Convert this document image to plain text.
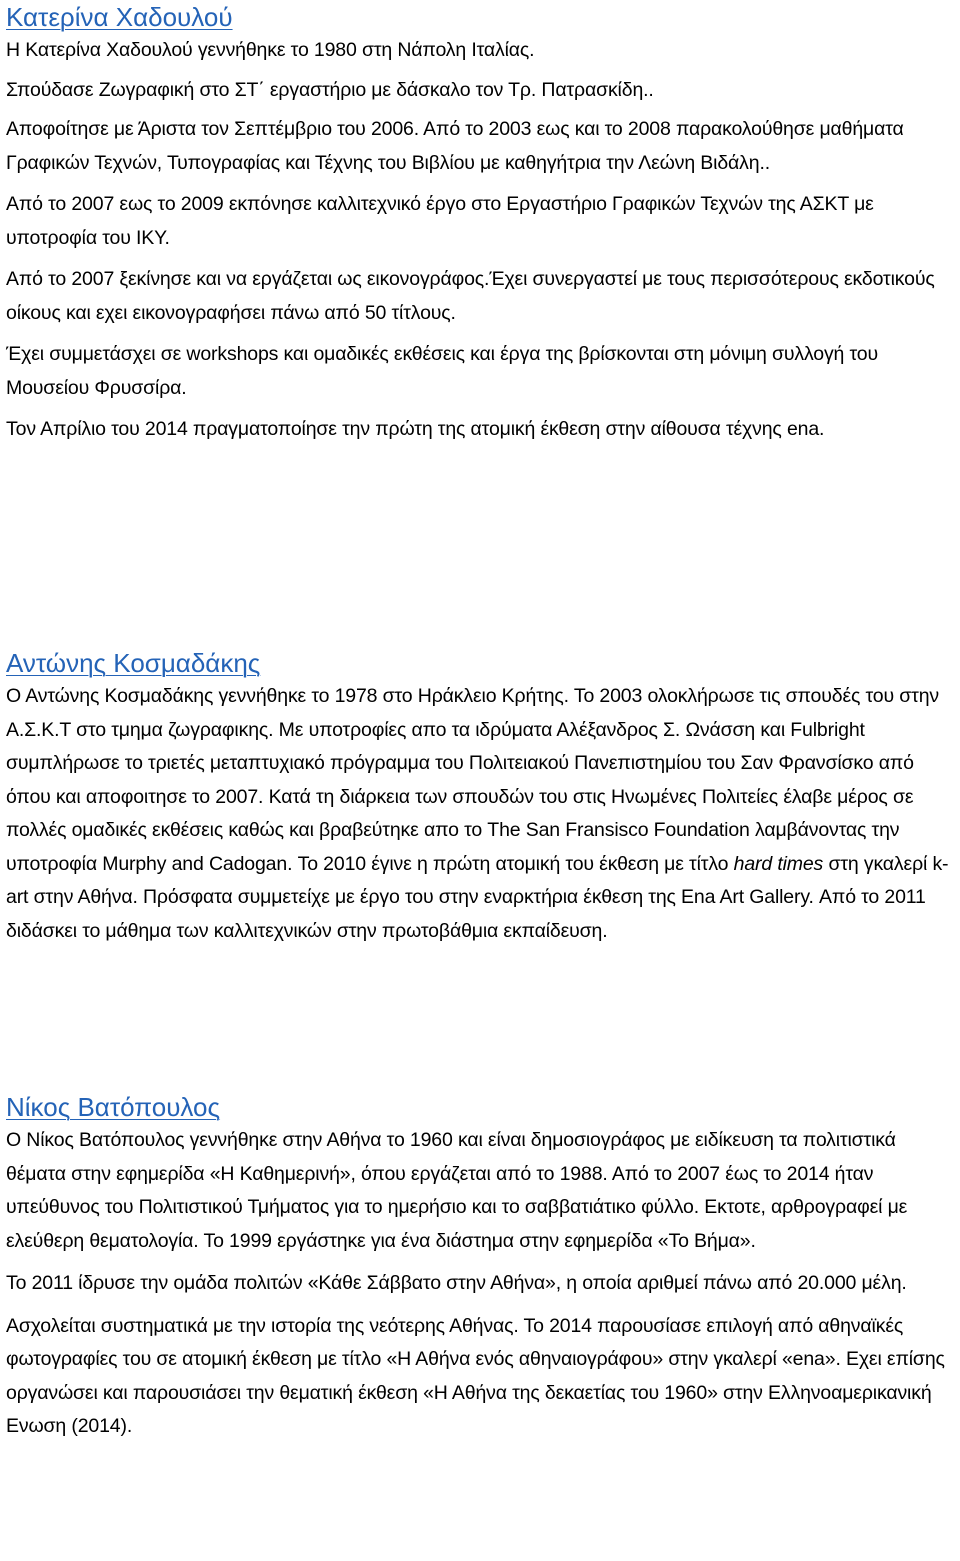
Κατερίνα Χαδουλού

Η Κατερίνα Χαδουλού γεννήθηκε το 1980 στη Νάπολη Ιταλίας.

Σπούδασε Ζωγραφική στο ΣΤ΄ εργαστήριο με δάσκαλο τον Τρ. Πατρασκίδη..

Αποφοίτησε με Άριστα τον Σεπτέμβριο του 2006. Από το 2003 εως και το 2008 παρακολούθησε μαθήματα Γραφικών Τεχνών, Τυπογραφίας και Τέχνης του Βιβλίου με καθηγήτρια την Λεώνη Βιδάλη..

Από το 2007 εως το 2009 εκπόνησε καλλιτεχνικό έργο στο Εργαστήριο Γραφικών Τεχνών της ΑΣΚΤ με υποτροφία του ΙΚΥ.

Από το 2007 ξεκίνησε και να εργάζεται ως εικονογράφος.Έχει συνεργαστεί με τους περισσότερους εκδοτικούς οίκους και εχει εικονογραφήσει πάνω από 50 τίτλους.

Έχει συμμετάσχει σε workshops και ομαδικές εκθέσεις και έργα της βρίσκονται στη μόνιμη συλλογή του Μουσείου Φρυσσίρα.

Τον Απρίλιο του 2014 πραγματοποίησε την πρώτη της ατομική έκθεση στην αίθουσα τέχνης ena.

Αντώνης Κοσμαδάκης

Ο Αντώνης Κοσμαδάκης γεννήθηκε το 1978 στο Ηράκλειο Κρήτης. Το 2003 ολοκλήρωσε τις σπουδές του στην Α.Σ.Κ.Τ στο τμημα ζωγραφικης. Με υποτροφίες απο τα ιδρύματα Αλέξανδρος Σ. Ωνάσση και Fulbright συμπλήρωσε το τριετές μεταπτυχιακό πρόγραμμα του Πολιτειακού Πανεπιστημίου του Σαν Φρανσίσκο από όπου και αποφοιτησε το 2007. Κατά τη διάρκεια των σπουδών του στις Ηνωμένες Πολιτείες έλαβε μέρος σε πολλές ομαδικές εκθέσεις καθώς και βραβεύτηκε απο το The San Fransisco Foundation λαμβάνοντας την υποτροφία Murphy and Cadogan. Το 2010 έγινε η πρώτη ατομική του έκθεση με τίτλο hard times στη γκαλερί k-art στην Αθήνα. Πρόσφατα συμμετείχε με έργο του στην εναρκτήρια έκθεση της Ena Art Gallery. Από το 2011 διδάσκει το μάθημα των καλλιτεχνικών στην πρωτοβάθμια εκπαίδευση.

Νίκος Βατόπουλος

Ο Νίκος Βατόπουλος γεννήθηκε στην Αθήνα το 1960 και είναι δημοσιογράφος με ειδίκευση τα πολιτιστικά θέματα στην εφημερίδα «Η Καθημερινή», όπου εργάζεται από το 1988. Από το 2007 έως το 2014 ήταν υπεύθυνος του Πολιτιστικού Τμήματος για το ημερήσιο και το σαββατιάτικο φύλλο. Εκτοτε, αρθρογραφεί με ελεύθερη θεματολογία. Το 1999 εργάστηκε για ένα διάστημα στην εφημερίδα «Το Βήμα».

Το 2011 ίδρυσε την ομάδα πολιτών «Κάθε Σάββατο στην Αθήνα», η οποία αριθμεί πάνω από 20.000 μέλη.

Ασχολείται συστηματικά με την ιστορία της νεότερης Αθήνας. Το 2014 παρουσίασε επιλογή από αθηναϊκές φωτογραφίες του σε ατομική έκθεση με τίτλο «Η Αθήνα ενός αθηναιογράφου» στην γκαλερί «ena». Εχει επίσης οργανώσει και παρουσιάσει την θεματική έκθεση «Η Αθήνα της δεκαετίας του 1960» στην Ελληνοαμερικανική Ενωση (2014).
